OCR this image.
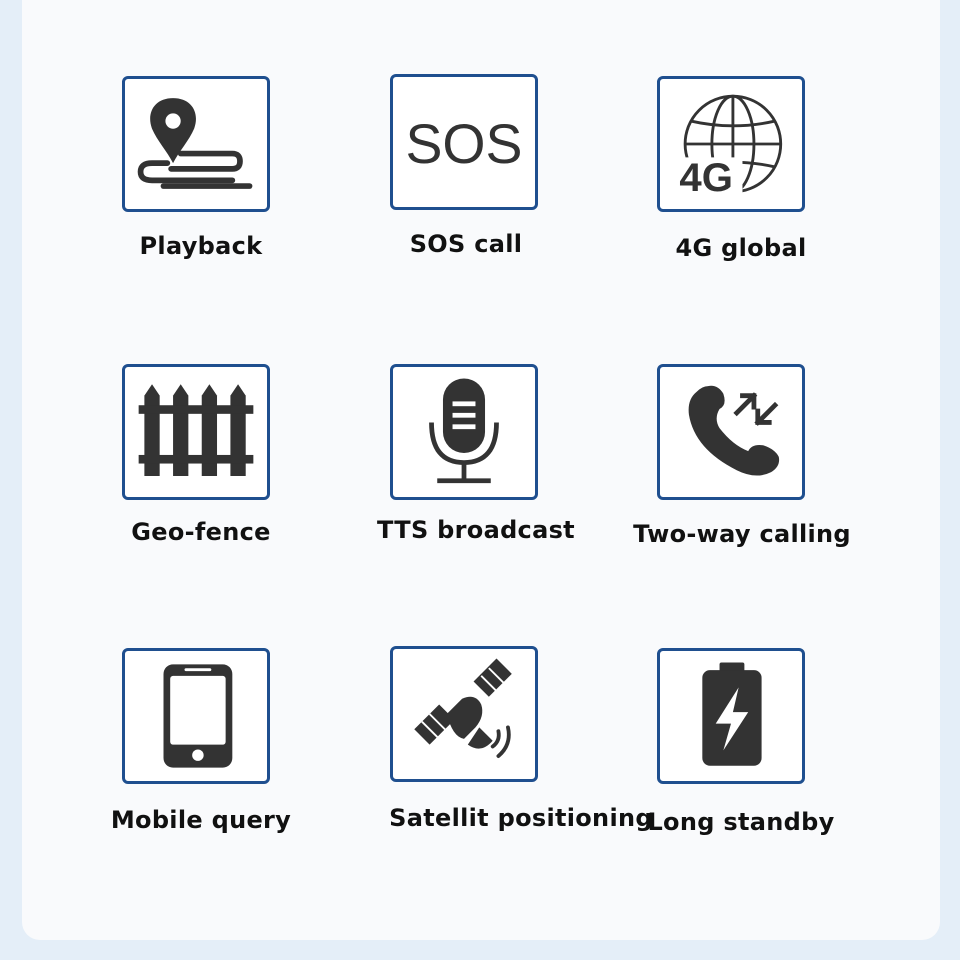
Playback
SOS
SOS call
4G
4G global
Geo-fence	TTS broadcast	Two-way calling
Mobile query	Satellit positioning
Long standby
